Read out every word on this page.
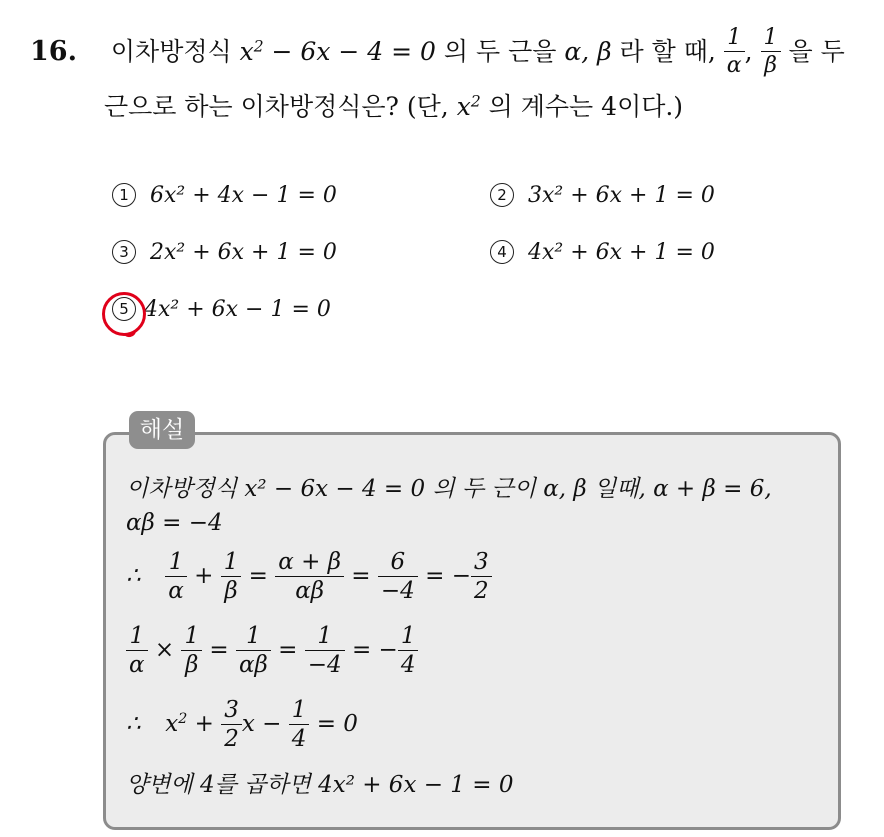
16. 이차방정식 $x^2 - 6x - 4 = 0$ 의 두 근을 α, β 라 할 때, $\frac{1}{\alpha}$ , $\frac{1}{\beta}$ 을 두
근으로 하는 이차방정식은? (단, $x^2$ 의 계수는 4이다.)
1 6x² + 4x − 1 = 0	2 3x² + 6x + 1 = 0
3 2x² + 6x + 1 = 0	4 4x² + 6x + 1 = 0
5 4x² + 6x − 1 = 0
해설
이차방정식 x² − 6x − 4 = 0 의 두 근이 α, β 일때, α + β = 6,
αβ = −4
∴ $\frac{1}{\alpha} + \frac{1}{\beta} = \frac{\alpha + \beta}{\alpha\beta} = \frac{6}{-4}$ = − $\frac{3}{2}$
$\frac{1}{\alpha} \times \frac{1}{\beta} = \frac{1}{\alpha\beta} = \frac{1}{-4}$ = − $\frac{1}{4}$
∴  $x^2 + \frac{3}{2}$ $x - \frac{1}{4} = 0$
양변에 4를 곱하면 4x² + 6x − 1 = 0
